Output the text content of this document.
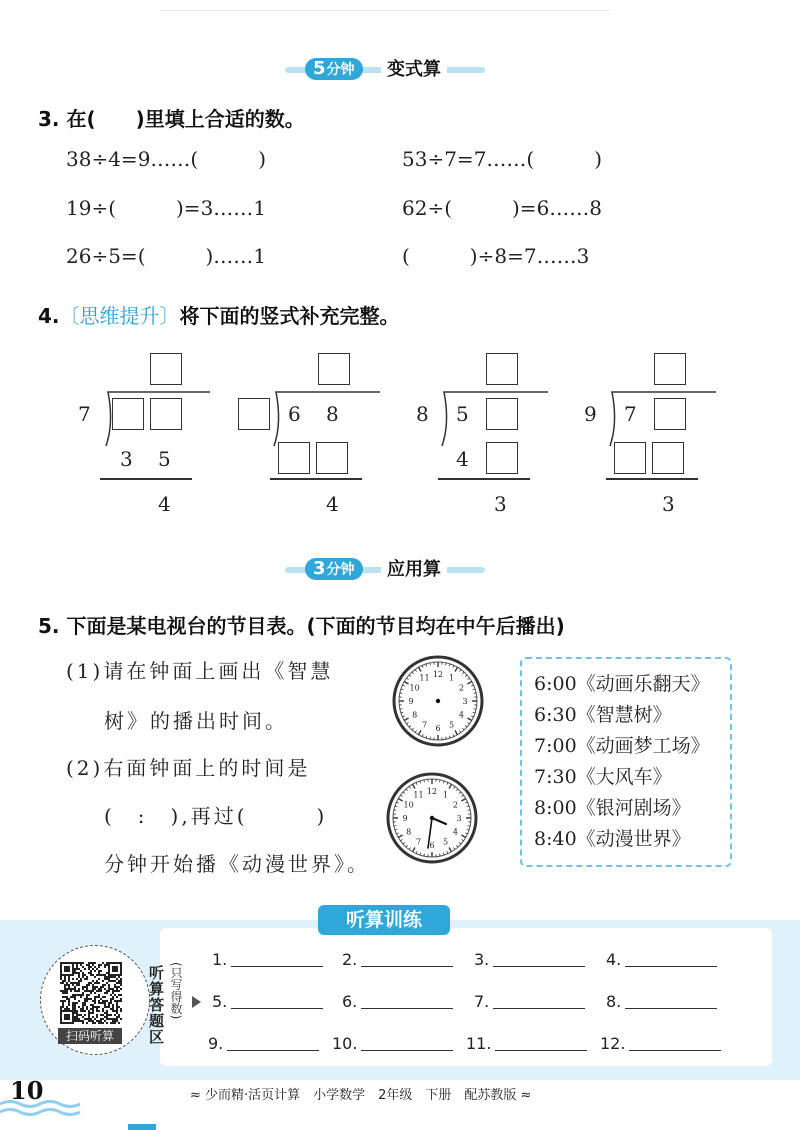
5分钟	变式算
3. 在(　　)里填上合适的数。
38÷4=9……(　　　)	53÷7=7……(　　　)
19÷(　　　)=3……1	62÷(　　　)=6……8
26÷5=(　　　)……1	(　　　)÷8=7……3
4.〔思维提升〕将下面的竖式补充完整。
7
3 5
4
6 8
4
8 5
4
3
9 7
3
3分钟	应用算
5. 下面是某电视台的节目表。(下面的节目均在中午后播出)
(1)请在钟面上画出《智慧
树》的播出时间。
(2)右面钟面上的时间是
(　:　),再过(　　　)
分钟开始播《动漫世界》。
1
2
3
4
5
6
7
8
9
10
11 12
1
2
3
4
5
6
7
8
9
10
11 12
6:00《动画乐翻天》
6:30《智慧树》
7:00《动画梦工场》
7:30《大风车》
8:00《银河剧场》
8:40《动漫世界》
听算训练
扫码听算	听算答题区 (只写得数)
1.	2.	3.	4.
5.	6.	7.	8.
9.	10.	11.	12.
10	≈ 少而精·活页计算　小学数学　2年级　下册　配苏教版 ≈
